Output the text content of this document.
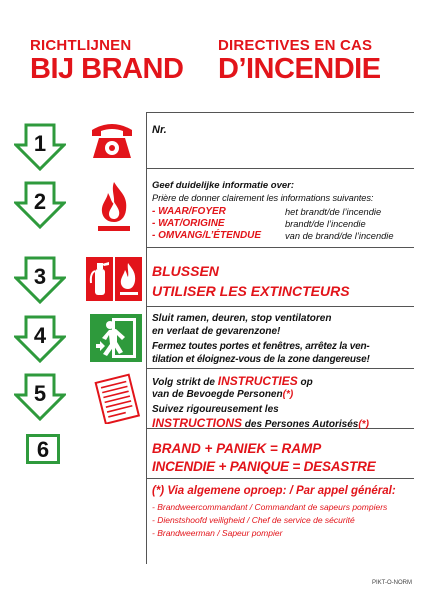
RICHTLIJNEN
BIJ BRAND
DIRECTIVES EN CAS
D’INCENDIE
1
2
3
4
5
6
Nr.
Geef duidelijke informatie over:
Prière de donner clairement les informations suivantes:
- WAAR/FOYER	het brandt/de l’incendie
- WAT/ORIGINE	brandt/de l’incendie
- OMVANG/L’ÉTENDUE	van de brand/de l’incendie
BLUSSEN
UTILISER LES EXTINCTEURS
Sluit ramen, deuren, stop ventilatoren
en verlaat de gevarenzone!
Fermez toutes portes et fenêtres, arrêtez la ven-
tilation et éloignez-vous de la zone dangereuse!
Volg strikt de INSTRUCTIES op
van de Bevoegde Personen(*)
Suivez rigoureusement les
INSTRUCTIONS des Persones Autorisés(*)
BRAND + PANIEK = RAMP
INCENDIE + PANIQUE = DESASTRE
(*) Via algemene oproep: / Par appel général:
- Brandweercommandant / Commandant de sapeurs pompiers
- Dienstshoofd veiligheid / Chef de service de sécurité
- Brandweerman / Sapeur pompier
PIKT-O-NORM
